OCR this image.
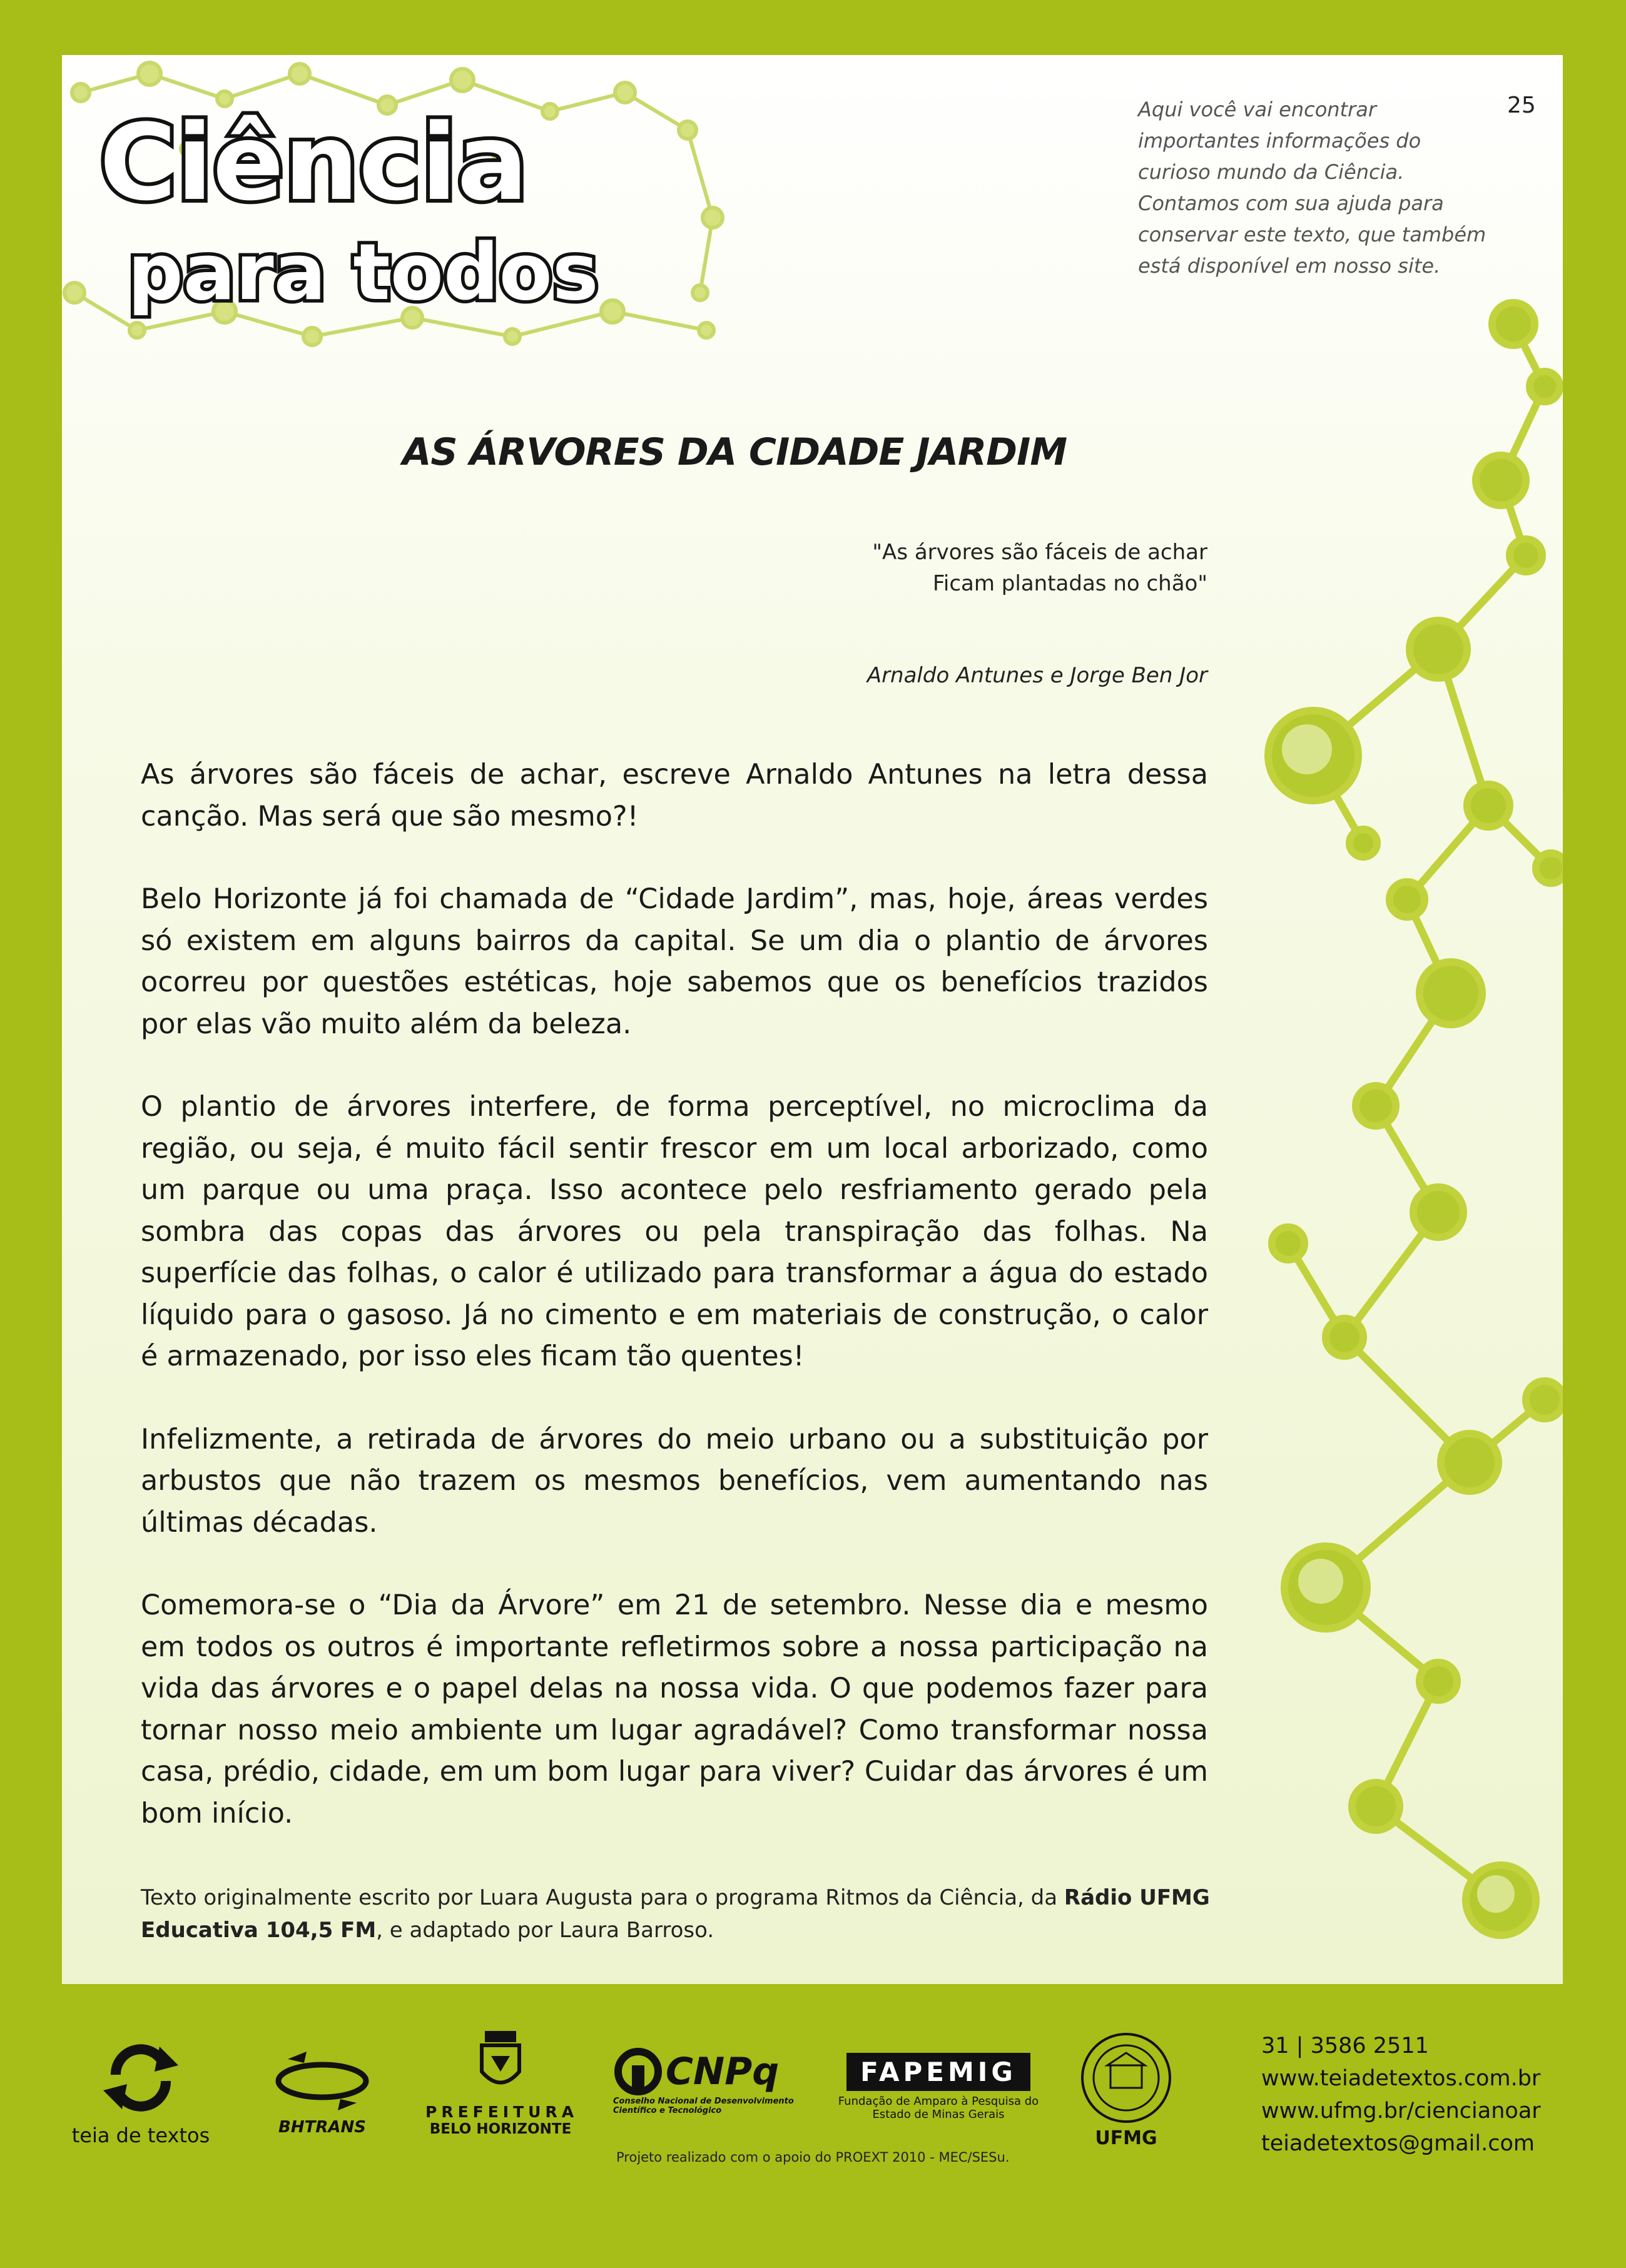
Ciência
para todos
25
Aqui você vai encontrar
importantes informações do
curioso mundo da Ciência.
Contamos com sua ajuda para
conservar este texto, que também
está disponível em nosso site.
AS ÁRVORES DA CIDADE JARDIM
"As árvores são fáceis de achar
Ficam plantadas no chão"
Arnaldo Antunes e Jorge Ben Jor

As árvores são fáceis de achar, escreve Arnaldo Antunes na letra dessa canção. Mas será que são mesmo?!

Belo Horizonte já foi chamada de “Cidade Jardim”, mas, hoje, áreas verdes só existem em alguns bairros da capital. Se um dia o plantio de árvores ocorreu por questões estéticas, hoje sabemos que os benefícios trazidos por elas vão muito além da beleza.

O plantio de árvores interfere, de forma perceptível, no microclima da região, ou seja, é muito fácil sentir frescor em um local arborizado, como um parque ou uma praça. Isso acontece pelo resfriamento gerado pela sombra das copas das árvores ou pela transpiração das folhas. Na superfície das folhas, o calor é utilizado para transformar a água do estado líquido para o gasoso. Já no cimento e em materiais de construção, o calor é armazenado, por isso eles ficam tão quentes!

Infelizmente, a retirada de árvores do meio urbano ou a substituição por arbustos que não trazem os mesmos benefícios, vem aumentando nas últimas décadas.

Comemora-se o “Dia da Árvore” em 21 de setembro. Nesse dia e mesmo em todos os outros é importante refletirmos sobre a nossa participação na vida das árvores e o papel delas na nossa vida. O que podemos fazer para tornar nosso meio ambiente um lugar agradável? Como transformar nossa casa, prédio, cidade, em um bom lugar para viver? Cuidar das árvores é um bom início.

Texto originalmente escrito por Luara Augusta para o programa Ritmos da Ciência, da Rádio UFMG
Educativa 104,5 FM, e adaptado por Laura Barroso.
teia de textos	BHTRANS
PREFEITURA
BELO HORIZONTE
CNPq
Conselho Nacional de Desenvolvimento
Científico e Tecnológico
FAPEMIG
Fundação de Amparo à Pesquisa do
Estado de Minas Gerais
Projeto realizado com o apoio do PROEXT 2010 - MEC/SESu.
UFMG
31 | 3586 2511
www.teiadetextos.com.br
www.ufmg.br/ciencianoar
teiadetextos@gmail.com
